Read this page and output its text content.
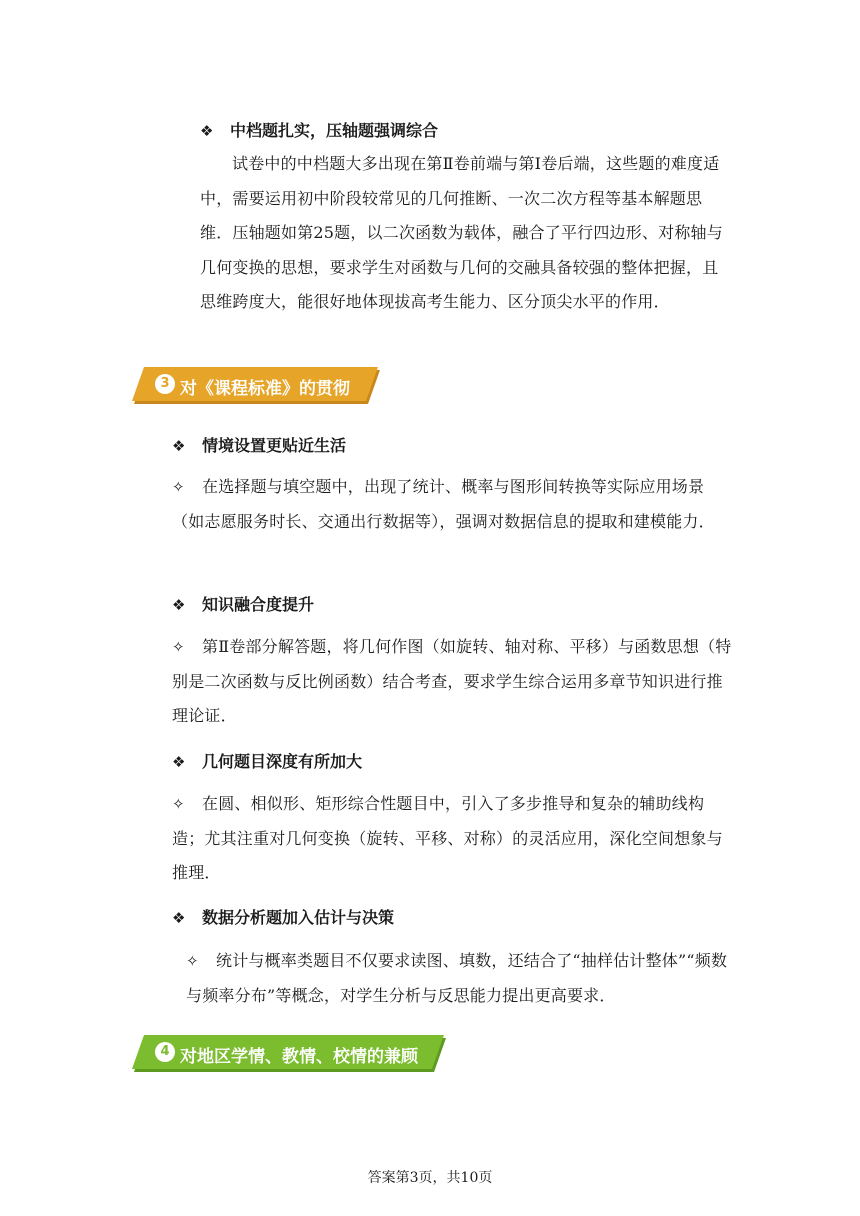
❖ 中档题扎实，压轴题强调综合
试卷中的中档题大多出现在第Ⅱ卷前端与第Ⅰ卷后端，这些题的难度适中，需要运用初中阶段较常见的几何推断、一次二次方程等基本解题思维．压轴题如第25题，以二次函数为载体，融合了平行四边形、对称轴与几何变换的思想，要求学生对函数与几何的交融具备较强的整体把握，且思维跨度大，能很好地体现拔高考生能力、区分顶尖水平的作用．
3 对《课程标准》的贯彻
❖ 情境设置更贴近生活
✧ 在选择题与填空题中，出现了统计、概率与图形间转换等实际应用场景（如志愿服务时长、交通出行数据等），强调对数据信息的提取和建模能力．
❖ 知识融合度提升
✧ 第Ⅱ卷部分解答题，将几何作图（如旋转、轴对称、平移）与函数思想（特别是二次函数与反比例函数）结合考查，要求学生综合运用多章节知识进行推理论证．
❖ 几何题目深度有所加大
✧ 在圆、相似形、矩形综合性题目中，引入了多步推导和复杂的辅助线构造；尤其注重对几何变换（旋转、平移、对称）的灵活应用，深化空间想象与推理．
❖ 数据分析题加入估计与决策
✧ 统计与概率类题目不仅要求读图、填数，还结合了“抽样估计整体”“频数与频率分布”等概念，对学生分析与反思能力提出更高要求．
4 对地区学情、教情、校情的兼顾
答案第3页，共10页
